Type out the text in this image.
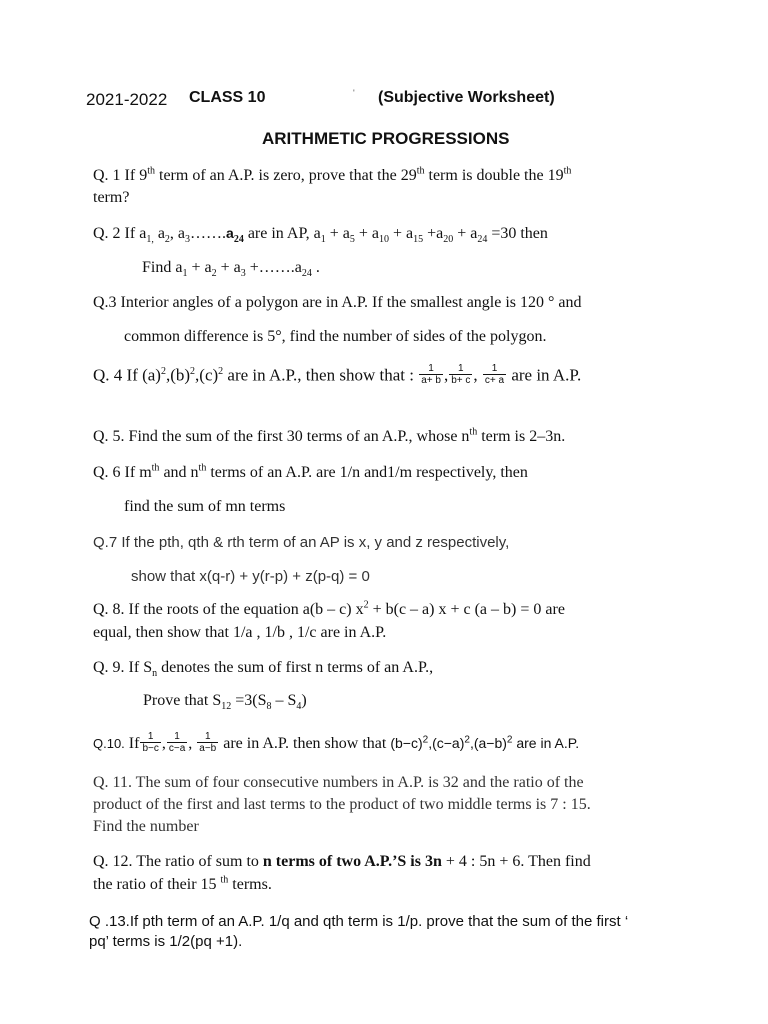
2021-2022 CLASS 10	' (Subjective Worksheet)
ARITHMETIC PROGRESSIONS
Q. 1 If 9th term of an A.P. is zero, prove that the 29th term is double the 19th
term?
Q. 2 If $a_{1,}$ $a_2$, $a_3\dots\dots.a_{24}$ are in AP, $a_1 + a_5 + a_{10} + a_{15} +a_{20} + a_{24} =30$ then
Find $a_1 + a_2 + a_3$ $+\dots\dots.a_{24}$ .
Q.3 Interior angles of a polygon are in A.P. If the smallest angle is 120 ° and
common difference is 5°, find the number of sides of the polygon.
Q. 4 If $(a)^2,(b)^2,(c)^2$ are in A.P., then show that : $\frac{1}{a+ b}$ , $\frac{1}{b+ c}$ , $\frac{1}{c+ a}$ are in A.P.
Q. 5. Find the sum of the first 30 terms of an A.P., whose $n^{th}$ term is 2–3n.
Q. 6 If $m^{th}$ and $n^{th}$ terms of an A.P. are 1/n and1/m respectively, then
find the sum of mn terms
Q.7 If the pth, qth & rth term of an AP is x, y and z respectively,
show that x(q-r) + y(r-p) + z(p-q) = 0
Q. 8. If the roots of the equation a(b – c) $x^2 + b(c - a) x + c$ (a – b) = 0 are
equal, then show that 1/a , 1/b , 1/c are in A.P.
Q. 9. If $S_n$ denotes the sum of first n terms of an A.P.,
Prove that $S_{12} =3(S_8 - S_4)$
Q.10. If $\frac{1}{b-c}$ , $\frac{1}{c-a}$ , $\frac{1}{a-b}$ are in A.P. then show that $(b-c)^2,(c-a)^2,(a-b)^2$ are in A.P.
Q. 11. The sum of four consecutive numbers in A.P. is 32 and the ratio of the
product of the first and last terms to the product of two middle terms is 7 : 15.
Find the number
Q. 12. The ratio of sum to n terms of two A.P.’S is 3n + 4 : 5n + 6. Then find
the ratio of their 15 $^{th}$ terms.
Q .13.If pth term of an A.P. 1/q and qth term is 1/p. prove that the sum of the first ‘
pq’ terms is 1/2(pq +1).
